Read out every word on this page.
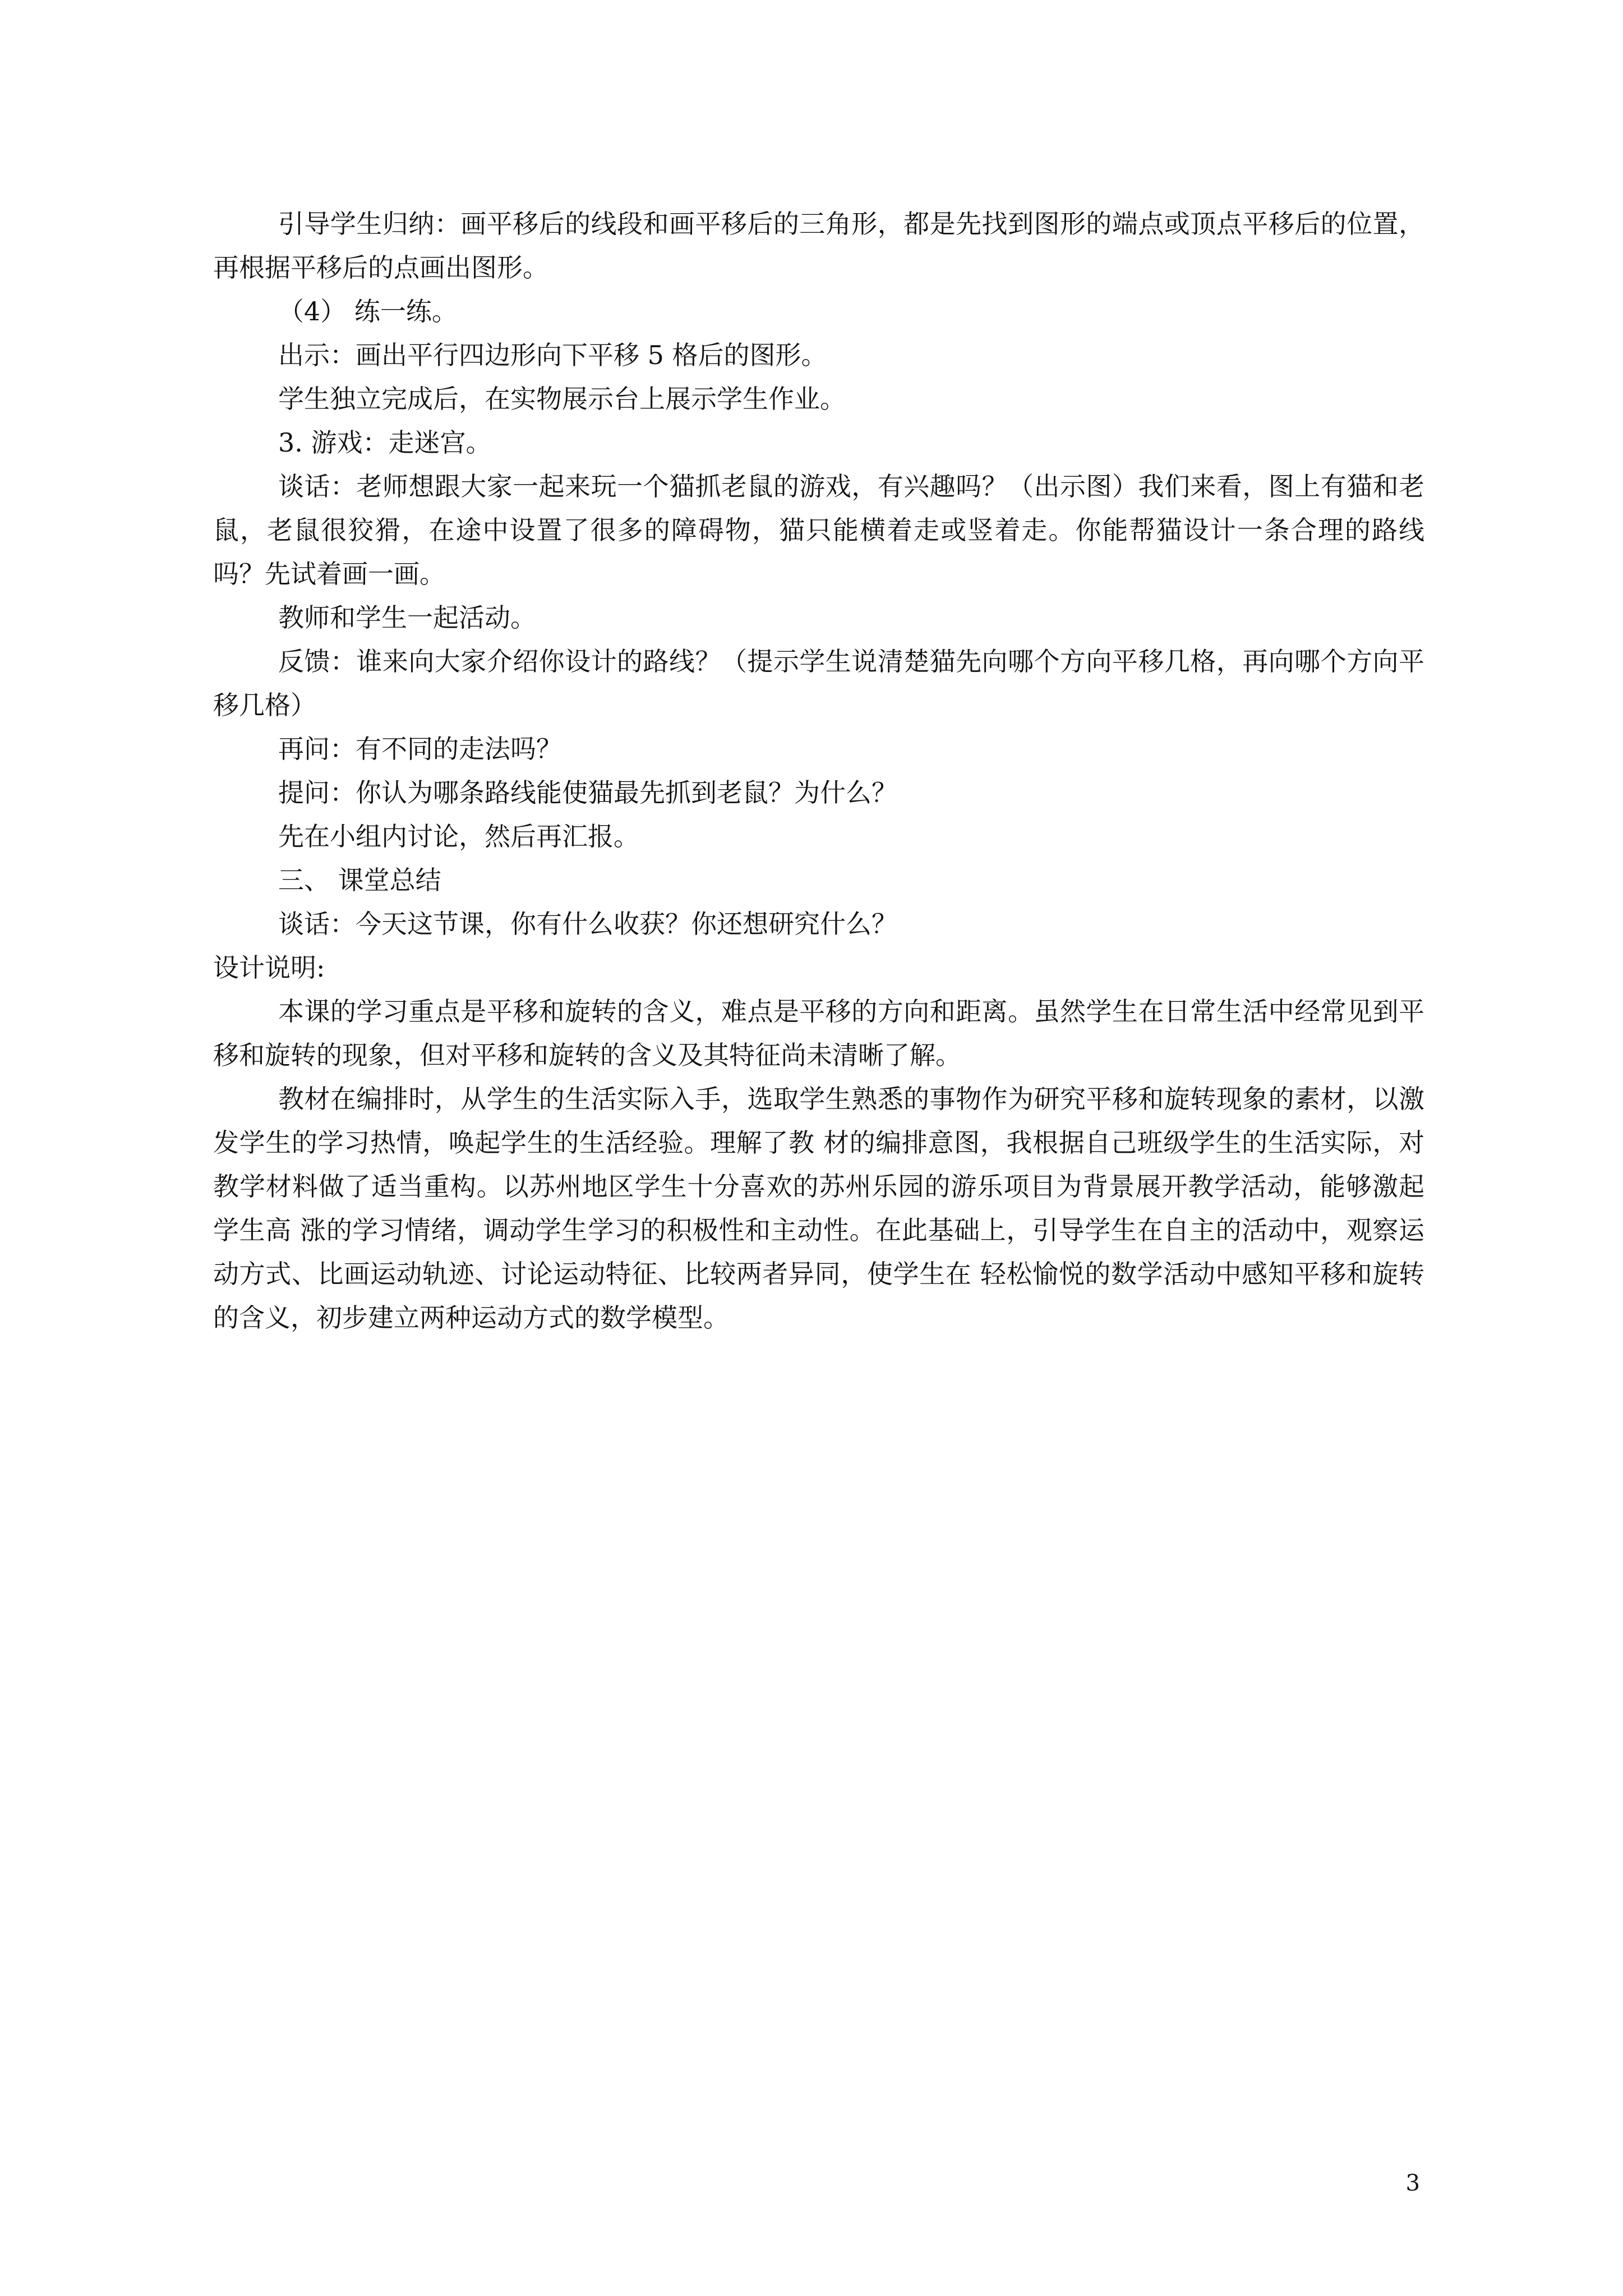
引导学生归纳：画平移后的线段和画平移后的三角形，都是先找到图形的端点或顶点平移后的位置，再根据平移后的点画出图形。

（4） 练一练。

出示：画出平行四边形向下平移 5 格后的图形。

学生独立完成后，在实物展示台上展示学生作业。

3. 游戏：走迷宫。

谈话：老师想跟大家一起来玩一个猫抓老鼠的游戏，有兴趣吗？（出示图）我们来看，图上有猫和老鼠，老鼠很狡猾，在途中设置了很多的障碍物，猫只能横着走或竖着走。你能帮猫设计一条合理的路线吗？先试着画一画。

教师和学生一起活动。

反馈：谁来向大家介绍你设计的路线？（提示学生说清楚猫先向哪个方向平移几格，再向哪个方向平移几格）

再问：有不同的走法吗？

提问：你认为哪条路线能使猫最先抓到老鼠？为什么？

先在小组内讨论，然后再汇报。

三、 课堂总结

谈话：今天这节课，你有什么收获？你还想研究什么？

设计说明:

本课的学习重点是平移和旋转的含义，难点是平移的方向和距离。虽然学生在日常生活中经常见到平移和旋转的现象，但对平移和旋转的含义及其特征尚未清晰了解。

教材在编排时，从学生的生活实际入手，选取学生熟悉的事物作为研究平移和旋转现象的素材，以激发学生的学习热情，唤起学生的生活经验。理解了教 材的编排意图，我根据自己班级学生的生活实际，对教学材料做了适当重构。以苏州地区学生十分喜欢的苏州乐园的游乐项目为背景展开教学活动，能够激起学生高 涨的学习情绪，调动学生学习的积极性和主动性。在此基础上，引导学生在自主的活动中，观察运动方式、比画运动轨迹、讨论运动特征、比较两者异同，使学生在 轻松愉悦的数学活动中感知平移和旋转的含义，初步建立两种运动方式的数学模型。

3
